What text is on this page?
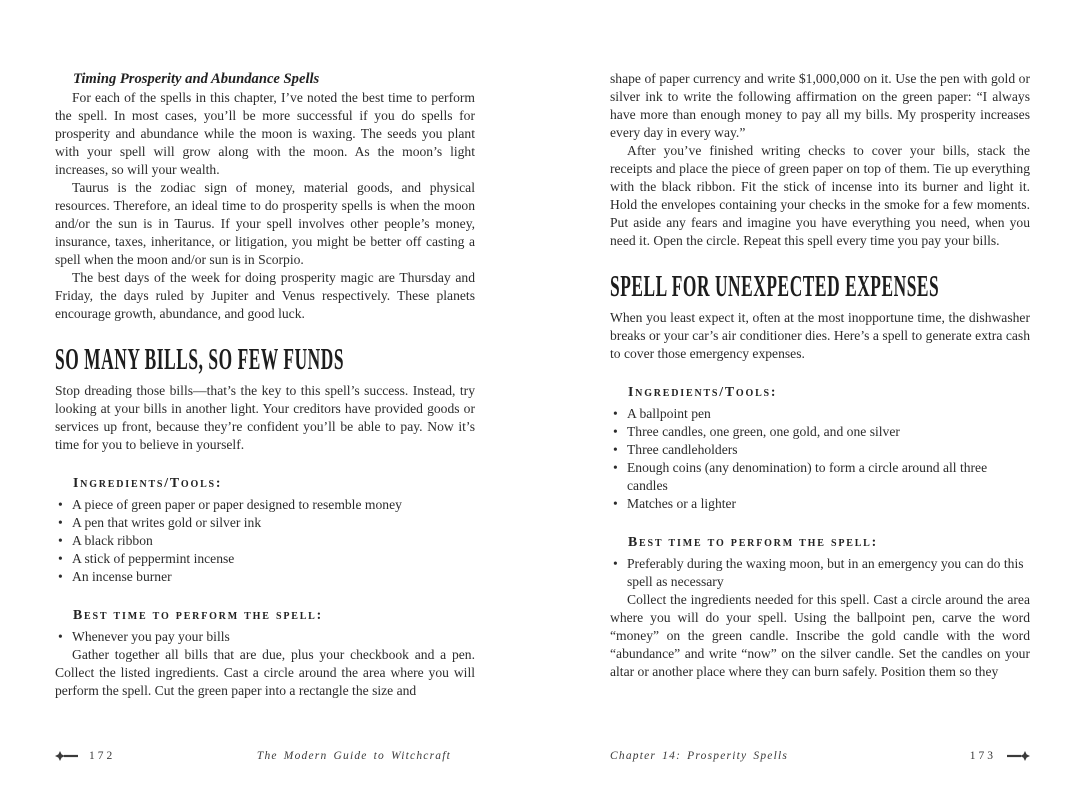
Timing Prosperity and Abundance Spells

For each of the spells in this chapter, I’ve noted the best time to perform the spell. In most cases, you’ll be more successful if you do spells for prosperity and abundance while the moon is waxing. The seeds you plant with your spell will grow along with the moon. As the moon’s light increases, so will your wealth.

Taurus is the zodiac sign of money, material goods, and physical resources. Therefore, an ideal time to do prosperity spells is when the moon and/or the sun is in Taurus. If your spell involves other people’s money, insurance, taxes, inheritance, or litigation, you might be better off casting a spell when the moon and/or sun is in Scorpio.

The best days of the week for doing prosperity magic are Thursday and Friday, the days ruled by Jupiter and Venus respectively. These planets encourage growth, abundance, and good luck.

SO MANY BILLS, SO FEW FUNDS

Stop dreading those bills—that’s the key to this spell’s success. Instead, try looking at your bills in another light. Your creditors have provided goods or services up front, because they’re confident you’ll be able to pay. Now it’s time for you to believe in yourself.

Ingredients/Tools:
• A piece of green paper or paper designed to resemble money
• A pen that writes gold or silver ink
• A black ribbon
• A stick of peppermint incense
• An incense burner
Best time to perform the spell:
• Whenever you pay your bills

Gather together all bills that are due, plus your checkbook and a pen. Collect the listed ingredients. Cast a circle around the area where you will perform the spell. Cut the green paper into a rectangle the size and

172	The Modern Guide to Witchcraft

shape of paper currency and write $1,000,000 on it. Use the pen with gold or silver ink to write the following affirmation on the green paper: “I always have more than enough money to pay all my bills. My prosperity increases every day in every way.”

After you’ve finished writing checks to cover your bills, stack the receipts and place the piece of green paper on top of them. Tie up everything with the black ribbon. Fit the stick of incense into its burner and light it. Hold the envelopes containing your checks in the smoke for a few moments. Put aside any fears and imagine you have everything you need, when you need it. Open the circle. Repeat this spell every time you pay your bills.

SPELL FOR UNEXPECTED EXPENSES

When you least expect it, often at the most inopportune time, the dishwasher breaks or your car’s air conditioner dies. Here’s a spell to generate extra cash to cover those emergency expenses.

Ingredients/Tools:
• A ballpoint pen
• Three candles, one green, one gold, and one silver
• Three candleholders
• Enough coins (any denomination) to form a circle around all three candles
• Matches or a lighter
Best time to perform the spell:
• Preferably during the waxing moon, but in an emergency you can do this spell as necessary

Collect the ingredients needed for this spell. Cast a circle around the area where you will do your spell. Using the ballpoint pen, carve the word “money” on the green candle. Inscribe the gold candle with the word “abundance” and write “now” on the silver candle. Set the candles on your altar or another place where they can burn safely. Position them so they

Chapter 14: Prosperity Spells	173
